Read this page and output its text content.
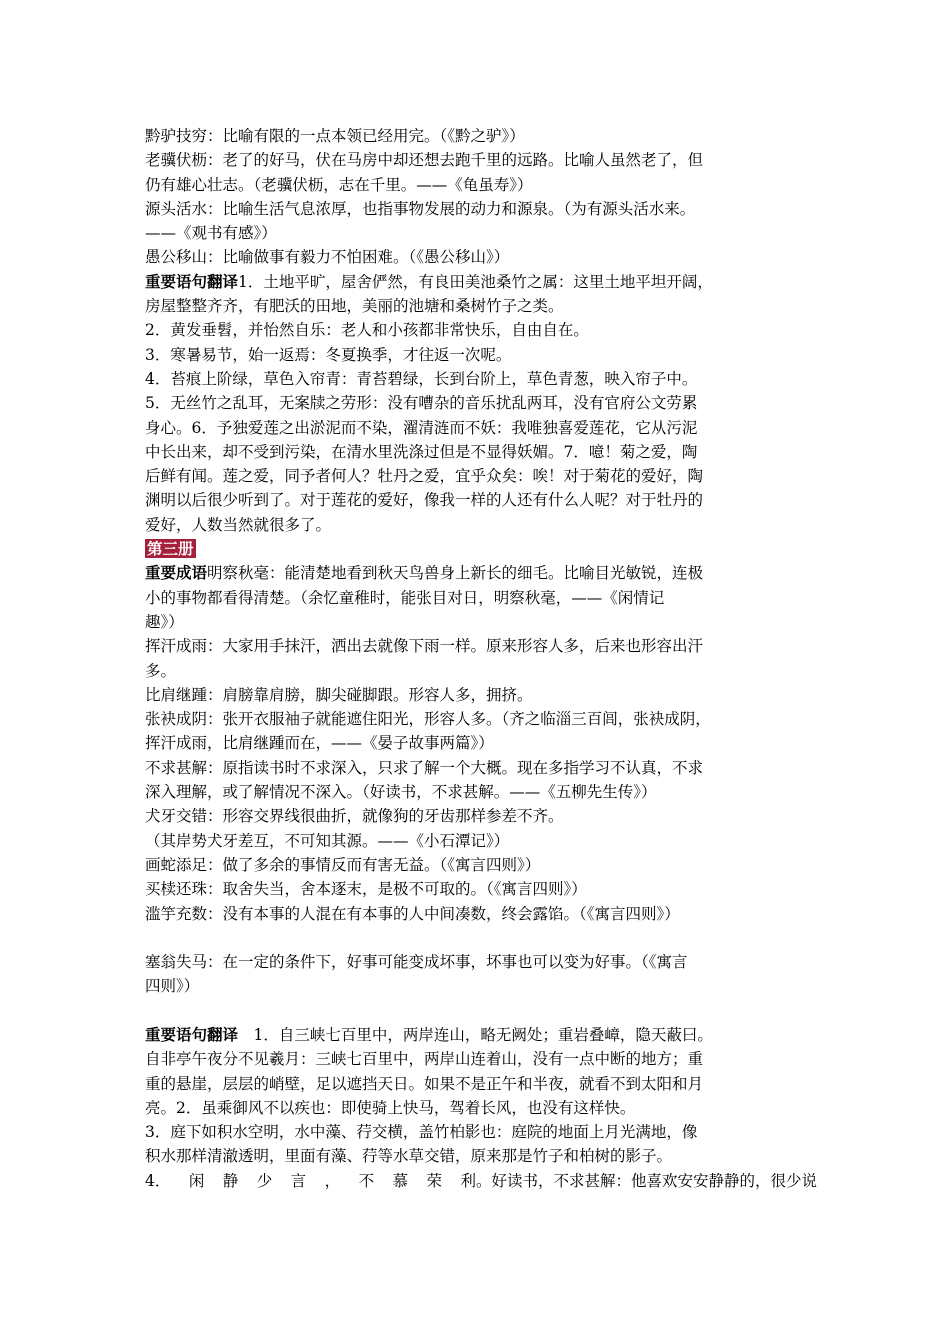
黔驴技穷：比喻有限的一点本领已经用完。（《黔之驴》）
老骥伏枥：老了的好马，伏在马房中却还想去跑千里的远路。比喻人虽然老了，但
仍有雄心壮志。（老骥伏枥，志在千里。——《龟虽寿》）
源头活水：比喻生活气息浓厚，也指事物发展的动力和源泉。（为有源头活水来。
——《观书有感》）
愚公移山：比喻做事有毅力不怕困难。（《愚公移山》）
重要语句翻译1．土地平旷，屋舍俨然，有良田美池桑竹之属：这里土地平坦开阔，
房屋整整齐齐，有肥沃的田地，美丽的池塘和桑树竹子之类。
2．黄发垂髫，并怡然自乐：老人和小孩都非常快乐，自由自在。
3．寒暑易节，始一返焉：冬夏换季，才往返一次呢。
4．苔痕上阶绿，草色入帘青：青苔碧绿，长到台阶上，草色青葱，映入帘子中。
5．无丝竹之乱耳，无案牍之劳形：没有嘈杂的音乐扰乱两耳，没有官府公文劳累
身心。6．予独爱莲之出淤泥而不染，濯清涟而不妖：我唯独喜爱莲花，它从污泥
中长出来，却不受到污染，在清水里洗涤过但是不显得妖媚。7．噫！菊之爱，陶
后鲜有闻。莲之爱，同予者何人？牡丹之爱，宜乎众矣：唉！对于菊花的爱好，陶
渊明以后很少听到了。对于莲花的爱好，像我一样的人还有什么人呢？对于牡丹的
爱好，人数当然就很多了。
第三册
重要成语明察秋毫：能清楚地看到秋天鸟兽身上新长的细毛。比喻目光敏锐，连极
小的事物都看得清楚。（余忆童稚时，能张目对日，明察秋毫，——《闲情记
趣》）
挥汗成雨：大家用手抹汗，洒出去就像下雨一样。原来形容人多，后来也形容出汗
多。
比肩继踵：肩膀靠肩膀，脚尖碰脚跟。形容人多，拥挤。
张袂成阴：张开衣服袖子就能遮住阳光，形容人多。（齐之临淄三百闾，张袂成阴，
挥汗成雨，比肩继踵而在，——《晏子故事两篇》）
不求甚解：原指读书时不求深入，只求了解一个大概。现在多指学习不认真，不求
深入理解，或了解情况不深入。（好读书，不求甚解。——《五柳先生传》）
犬牙交错：形容交界线很曲折，就像狗的牙齿那样参差不齐。
（其岸势犬牙差互，不可知其源。——《小石潭记》）
画蛇添足：做了多余的事情反而有害无益。（《寓言四则》）
买椟还珠：取舍失当，舍本逐末，是极不可取的。（《寓言四则》）
滥竽充数：没有本事的人混在有本事的人中间凑数，终会露馅。（《寓言四则》）
塞翁失马：在一定的条件下，好事可能变成坏事，坏事也可以变为好事。（《寓言
四则》）
重要语句翻译　1．自三峡七百里中，两岸连山，略无阙处；重岩叠嶂，隐天蔽曰。
自非亭午夜分不见羲月：三峡七百里中，两岸山连着山，没有一点中断的地方；重
重的悬崖，层层的峭壁，足以遮挡天日。如果不是正午和半夜，就看不到太阳和月
亮。2．虽乘御风不以疾也：即使骑上快马，驾着长风，也没有这样快。
3．庭下如积水空明，水中藻、荇交横，盖竹柏影也：庭院的地面上月光满地，像
积水那样清澈透明，里面有藻、荇等水草交错，原来那是竹子和柏树的影子。
4． 闲 静 少 言 ， 不 慕 荣 利。好读书，不求甚解：他喜欢安安静静的，很少说
